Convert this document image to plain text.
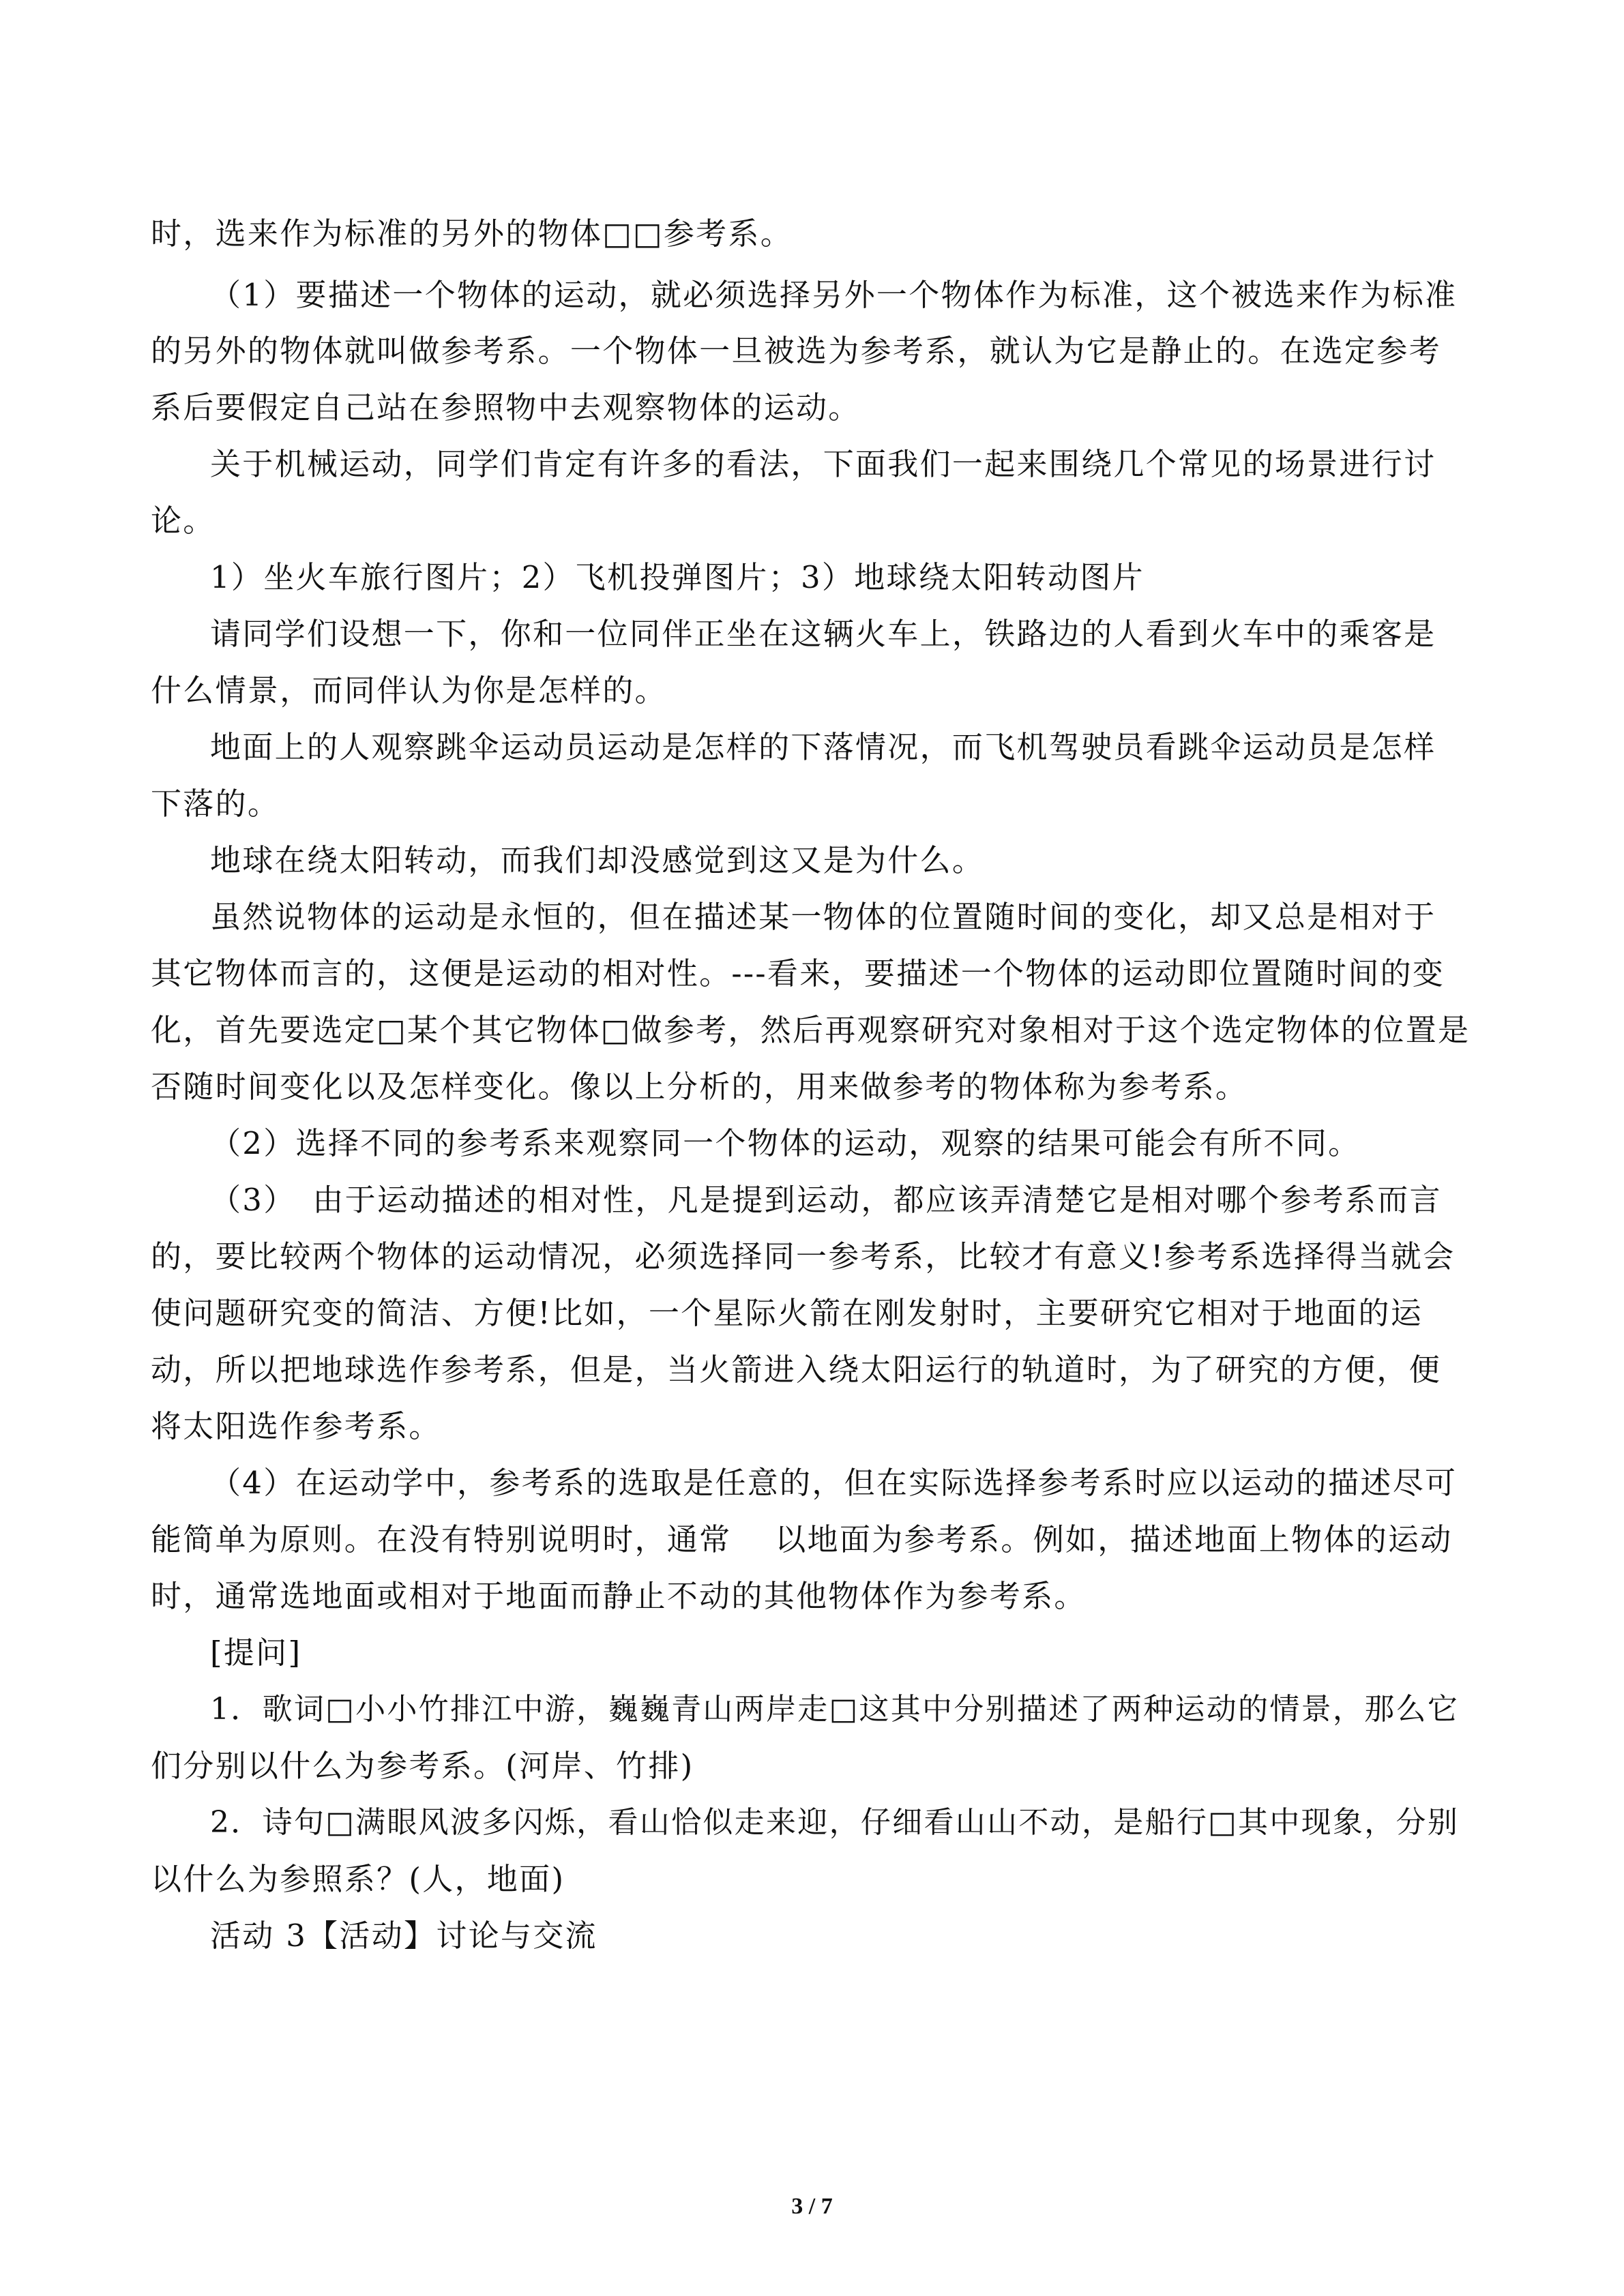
时，选来作为标准的另外的物体□□参考系。
（1）要描述一个物体的运动，就必须选择另外一个物体作为标准，这个被选来作为标准
的另外的物体就叫做参考系。一个物体一旦被选为参考系，就认为它是静止的。在选定参考
系后要假定自己站在参照物中去观察物体的运动。
关于机械运动，同学们肯定有许多的看法，下面我们一起来围绕几个常见的场景进行讨
论。
1）坐火车旅行图片；2）飞机投弹图片；3）地球绕太阳转动图片
请同学们设想一下，你和一位同伴正坐在这辆火车上，铁路边的人看到火车中的乘客是
什么情景，而同伴认为你是怎样的。
地面上的人观察跳伞运动员运动是怎样的下落情况，而飞机驾驶员看跳伞运动员是怎样
下落的。
地球在绕太阳转动，而我们却没感觉到这又是为什么。
虽然说物体的运动是永恒的，但在描述某一物体的位置随时间的变化，却又总是相对于
其它物体而言的，这便是运动的相对性。---看来，要描述一个物体的运动即位置随时间的变
化，首先要选定□某个其它物体□做参考，然后再观察研究对象相对于这个选定物体的位置是
否随时间变化以及怎样变化。像以上分析的，用来做参考的物体称为参考系。
（2）选择不同的参考系来观察同一个物体的运动，观察的结果可能会有所不同。
（3）　由于运动描述的相对性，凡是提到运动，都应该弄清楚它是相对哪个参考系而言
的，要比较两个物体的运动情况，必须选择同一参考系，比较才有意义!参考系选择得当就会
使问题研究变的简洁、方便!比如，一个星际火箭在刚发射时，主要研究它相对于地面的运
动，所以把地球选作参考系，但是，当火箭进入绕太阳运行的轨道时，为了研究的方便，便
将太阳选作参考系。
（4）在运动学中，参考系的选取是任意的，但在实际选择参考系时应以运动的描述尽可
能简单为原则。在没有特别说明时，通常　 以地面为参考系。例如，描述地面上物体的运动
时，通常选地面或相对于地面而静止不动的其他物体作为参考系。
[提问]
1．歌词□小小竹排江中游，巍巍青山两岸走□这其中分别描述了两种运动的情景，那么它
们分别以什么为参考系。(河岸、竹排)
2．诗句□满眼风波多闪烁，看山恰似走来迎，仔细看山山不动，是船行□其中现象，分别
以什么为参照系？(人，地面)
活动 3【活动】讨论与交流
3 / 7
